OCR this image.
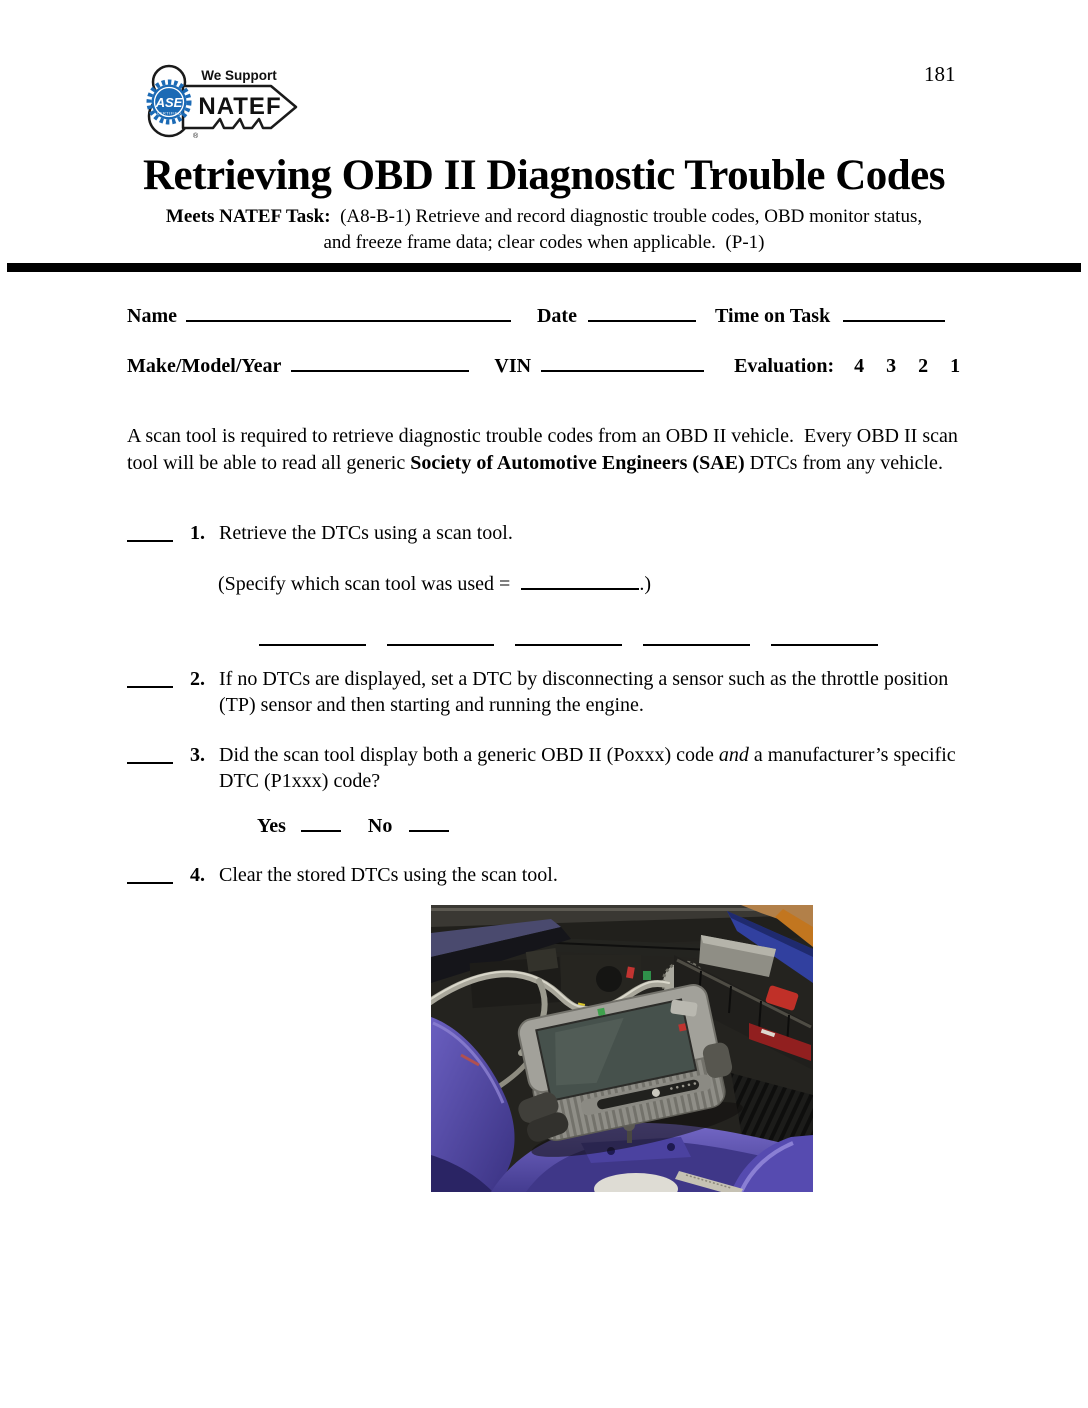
181
We Support
NATEF
ASE
CERTIFIED
®
Retrieving OBD II Diagnostic Trouble Codes
Meets NATEF Task: (A8-B-1) Retrieve and record diagnostic trouble codes, OBD monitor status,
and freeze frame data; clear codes when applicable.  (P-1)
Name	Date	Time on Task
Make/Model/Year	VIN	Evaluation: 4 3 2 1
A scan tool is required to retrieve diagnostic trouble codes from an OBD II vehicle.  Every OBD II scan tool will be able to read all generic Society of Automotive Engineers (SAE) DTCs from any vehicle.
1. Retrieve the DTCs using a scan tool.
(Specify which scan tool was used =	.)
2. If no DTCs are displayed, set a DTC by disconnecting a sensor such as the throttle position (TP) sensor and then starting and running the engine.
3. Did the scan tool display both a generic OBD II (Poxxx) code and a manufacturer’s specific DTC (P1xxx) code?
Yes	No
4. Clear the stored DTCs using the scan tool.
